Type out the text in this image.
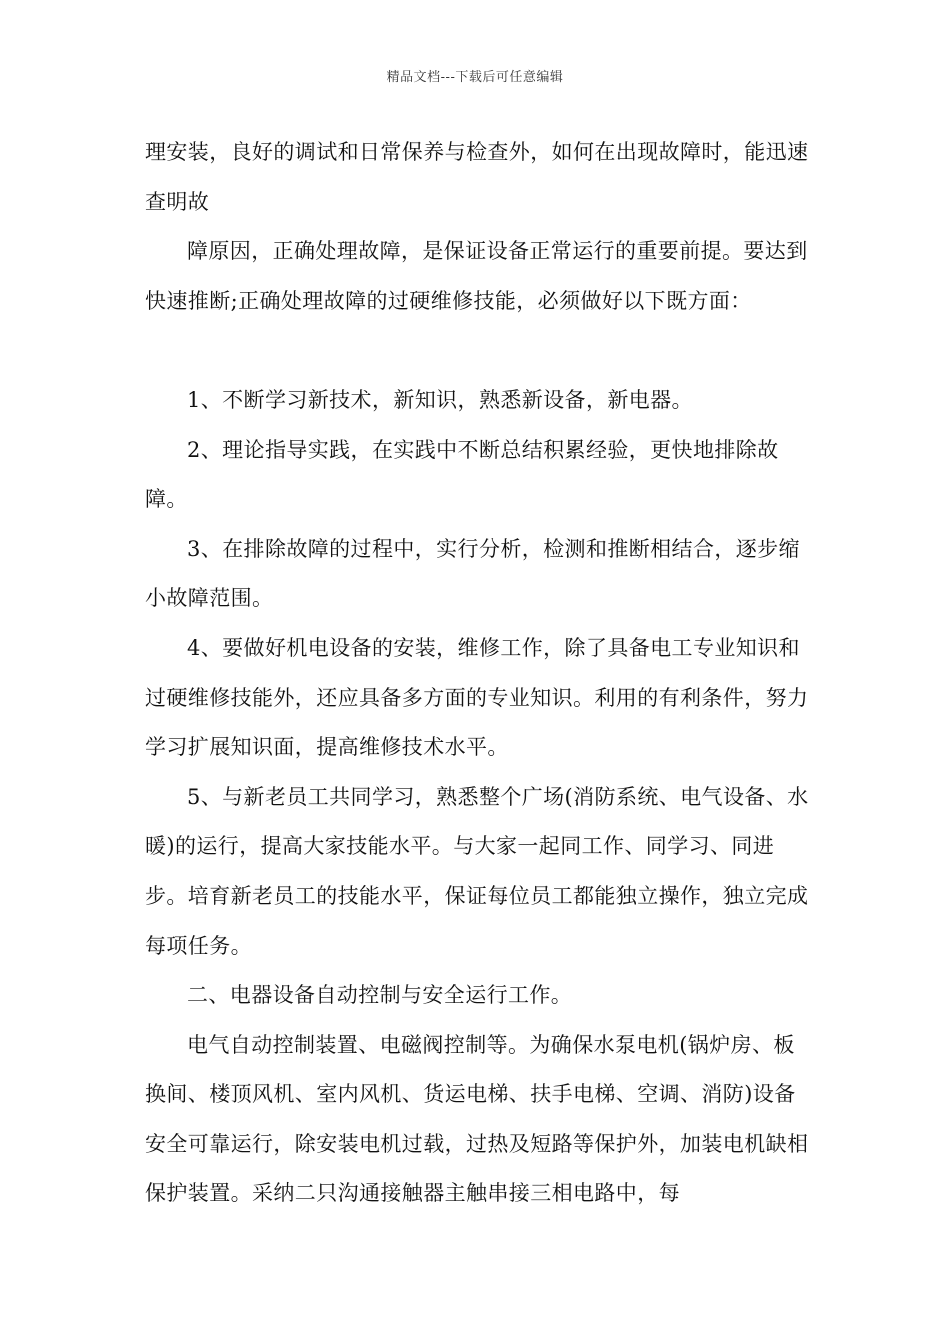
精品文档---下载后可任意编辑

理安装，良好的调试和日常保养与检查外，如何在出现故障时，能迅速查明故

障原因，正确处理故障，是保证设备正常运行的重要前提。要达到快速推断;正确处理故障的过硬维修技能，必须做好以下既方面：

1、不断学习新技术，新知识，熟悉新设备，新电器。

2、理论指导实践，在实践中不断总结积累经验，更快地排除故障。

3、在排除故障的过程中，实行分析，检测和推断相结合，逐步缩小故障范围。

4、要做好机电设备的安装，维修工作，除了具备电工专业知识和过硬维修技能外，还应具备多方面的专业知识。利用的有利条件，努力学习扩展知识面，提高维修技术水平。

5、与新老员工共同学习，熟悉整个广场(消防系统、电气设备、水暖)的运行，提高大家技能水平。与大家一起同工作、同学习、同进步。培育新老员工的技能水平，保证每位员工都能独立操作，独立完成每项任务。

二、电器设备自动控制与安全运行工作。

电气自动控制装置、电磁阀控制等。为确保水泵电机(锅炉房、板换间、楼顶风机、室内风机、货运电梯、扶手电梯、空调、消防)设备安全可靠运行，除安装电机过载，过热及短路等保护外，加装电机缺相保护装置。采纳二只沟通接触器主触串接三相电路中，每
